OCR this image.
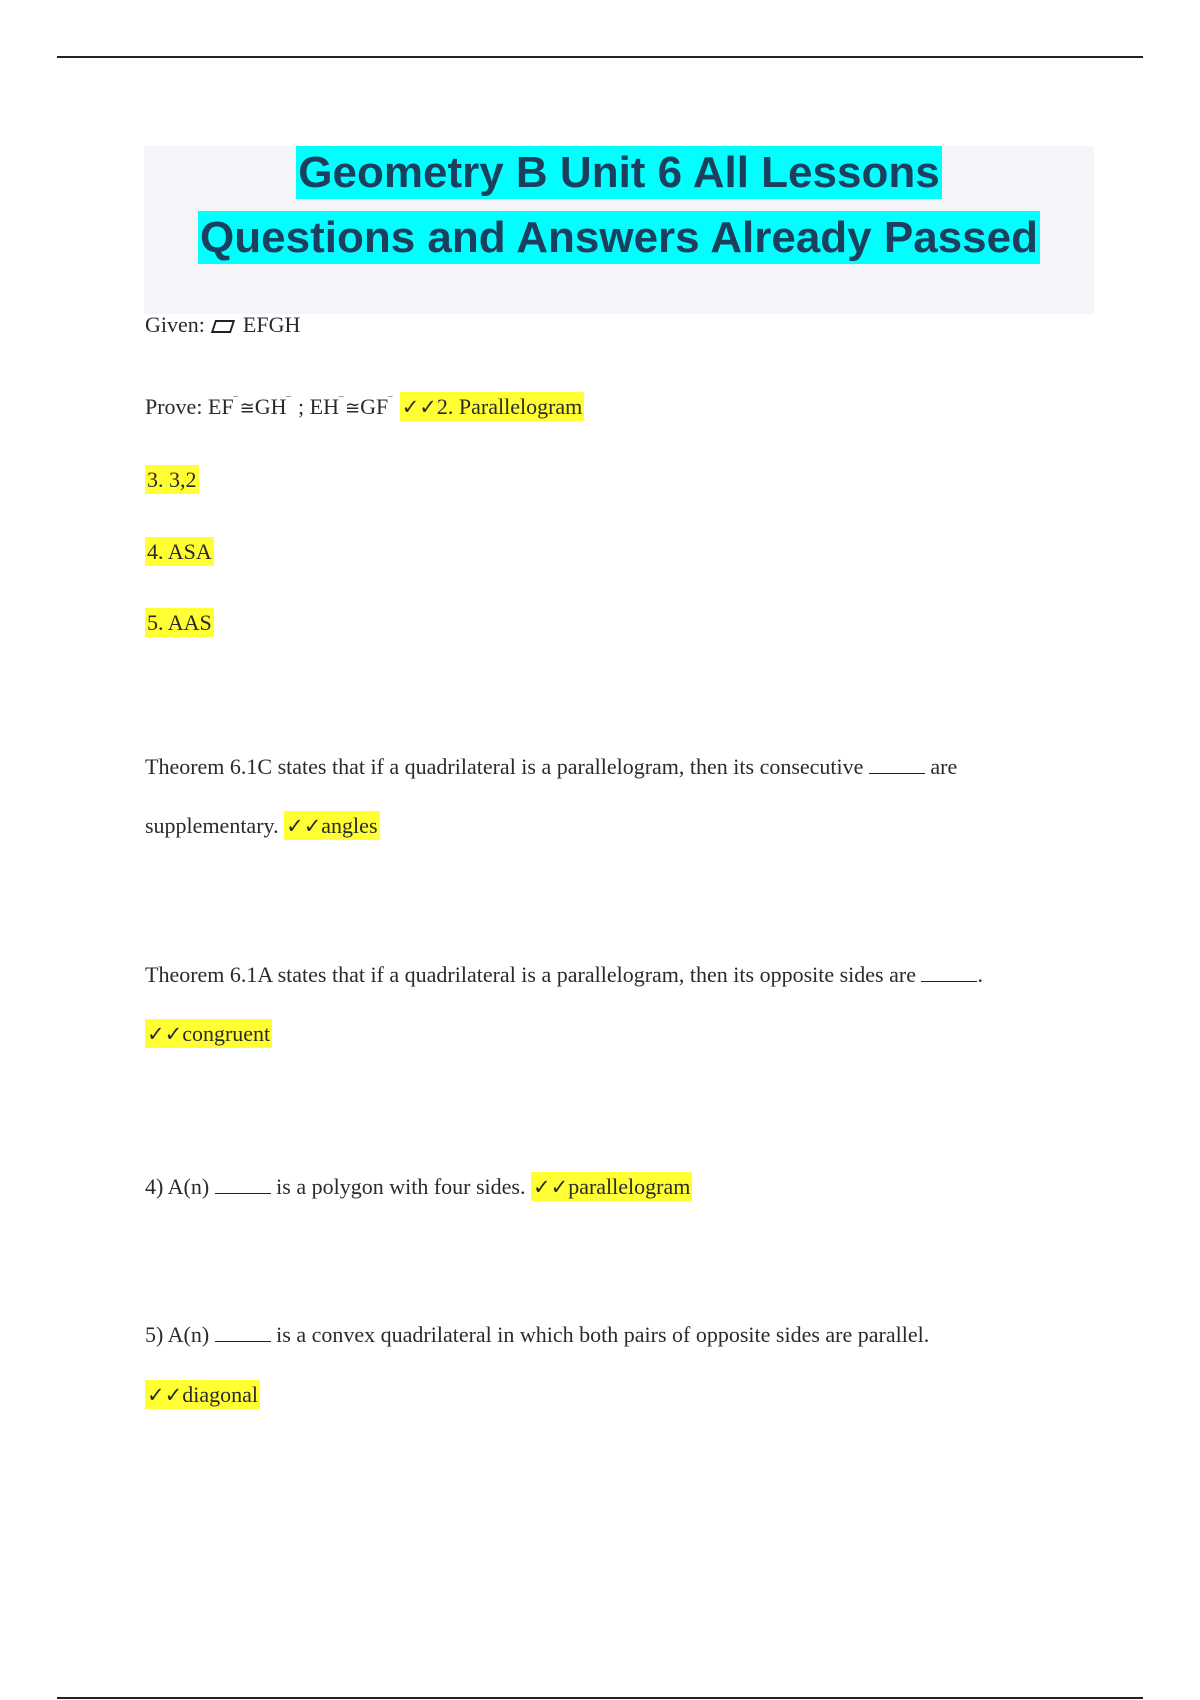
Geometry B Unit 6 All Lessons
Questions and Answers Already Passed
Given: EFGH
Prove: EF‾ ≅GH‾ ; EH‾ ≅GF‾ ✓✓2. Parallelogram
3. 3,2
4. ASA
5. AAS
Theorem 6.1C states that if a quadrilateral is a parallelogram, then its consecutive	are
supplementary. ✓✓angles
Theorem 6.1A states that if a quadrilateral is a parallelogram, then its opposite sides are	.
✓✓congruent
4) A(n)	is a polygon with four sides. ✓✓parallelogram
5) A(n)	is a convex quadrilateral in which both pairs of opposite sides are parallel.
✓✓diagonal
